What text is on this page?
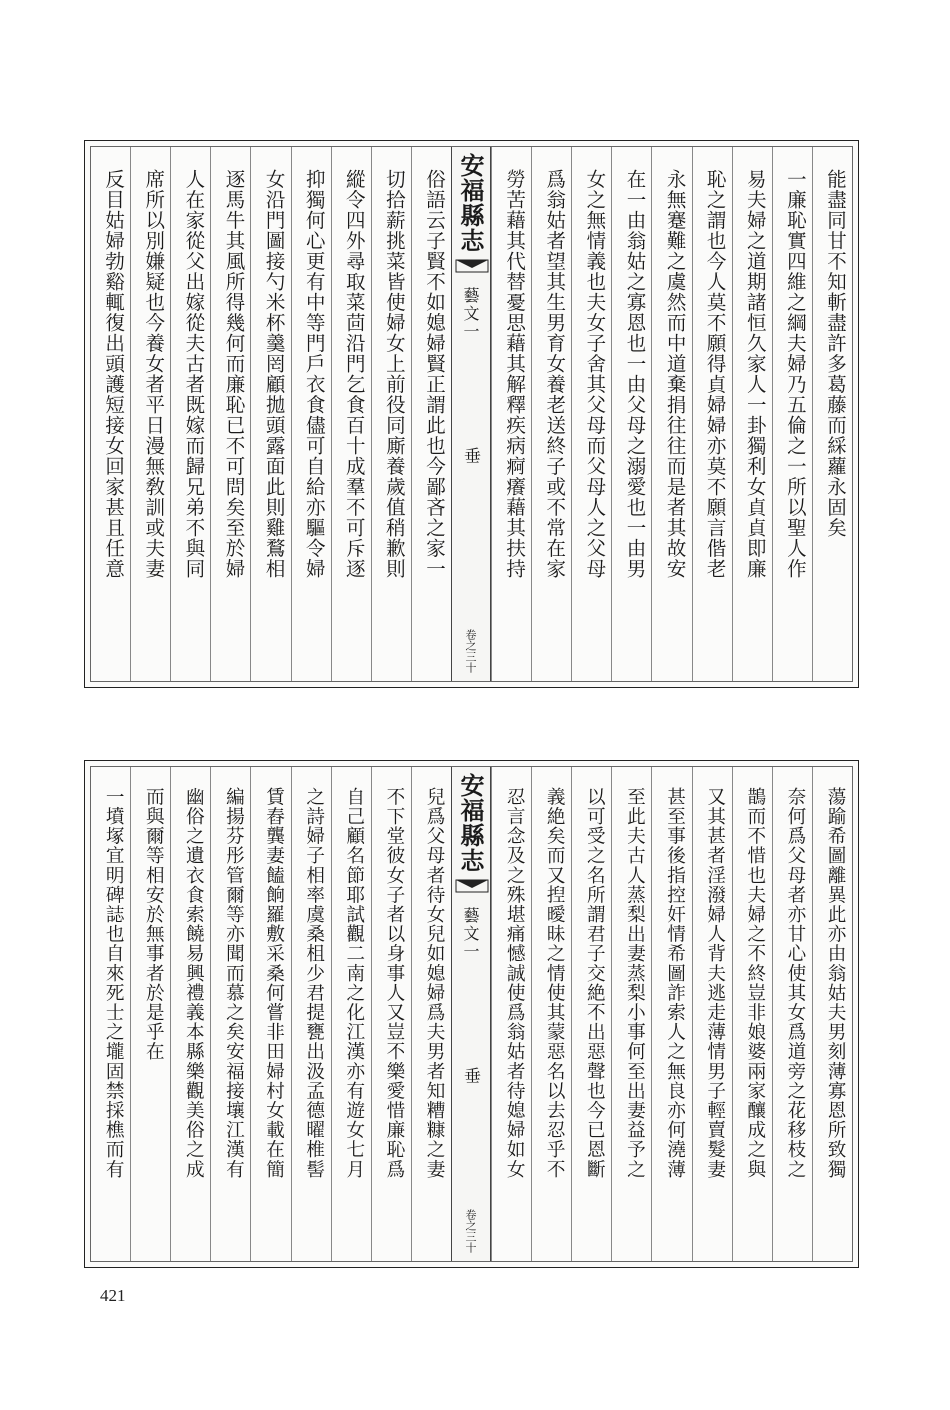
能盡同甘不知斬盡許多葛藤而綵蘿永固矣
一廉恥實四維之綱夫婦乃五倫之一所以聖人作
易夫婦之道期諸恒久家人一卦獨利女貞貞即廉
恥之謂也今人莫不願得貞婦婦亦莫不願言偕老
永無蹇難之虞然而中道棄捐往往而是者其故安
在一由翁姑之寡恩也一由父母之溺愛也一由男
女之無情義也夫女子舍其父母而父母人之父母
爲翁姑者望其生男育女養老送終子或不常在家
勞苦藉其代替憂思藉其解釋疾病痾癢藉其扶持
安福縣志
藝文一
垂
卷之三十
俗語云子賢不如媳婦賢正謂此也今鄙吝之家一
切拾薪挑菜皆使婦女上前役同廝養歲值稍歉則
縱令四外尋取菜茴沿門乞食百十成羣不可斥逐
抑獨何心更有中等門戶衣食儘可自給亦驅令婦
女沿門圖接勺米杯羹罔顧拋頭露面此則雞鶩相
逐馬牛其風所得幾何而廉恥已不可問矣至於婦
人在家從父出嫁從夫古者既嫁而歸兄弟不與同
席所以別嫌疑也今養女者平日漫無敎訓或夫妻
反目姑婦勃谿輒復出頭護短接女回家甚且任意
蕩踰希圖離異此亦由翁姑夫男刻薄寡恩所致獨
奈何爲父母者亦甘心使其女爲道旁之花移枝之
鵲而不惜也夫婦之不終豈非娘婆兩家釀成之與
又其甚者淫潑婦人背夫逃走薄情男子輕賣髮妻
甚至事後指控奸情希圖詐索人之無良亦何澆薄
至此夫古人蒸梨出妻蒸梨小事何至出妻益予之
以可受之名所謂君子交絶不出惡聲也今已恩斷
義絶矣而又揑曖昧之情使其蒙惡名以去忍乎不
忍言念及之殊堪痛憾誠使爲翁姑者待媳婦如女
安福縣志
藝文一
垂
卷之三十
兒爲父母者待女兒如媳婦爲夫男者知糟糠之妻
不下堂彼女子者以身事人又豈不樂愛惜廉恥爲
自己顧名節耶試觀二南之化江漢亦有遊女七月
之詩婦子相率虞桑柤少君提甕出汲孟德曜椎髻
賃舂龔妻饁餉羅敷采桑何嘗非田婦村女載在簡
編揚芬彤管爾等亦聞而慕之矣安福接壤江漢有
幽俗之遺衣食索饒易興禮義本縣樂觀美俗之成
而與爾等相安於無事者於是乎在
一墳塚宜明碑誌也自來死士之壠固禁採樵而有
421
